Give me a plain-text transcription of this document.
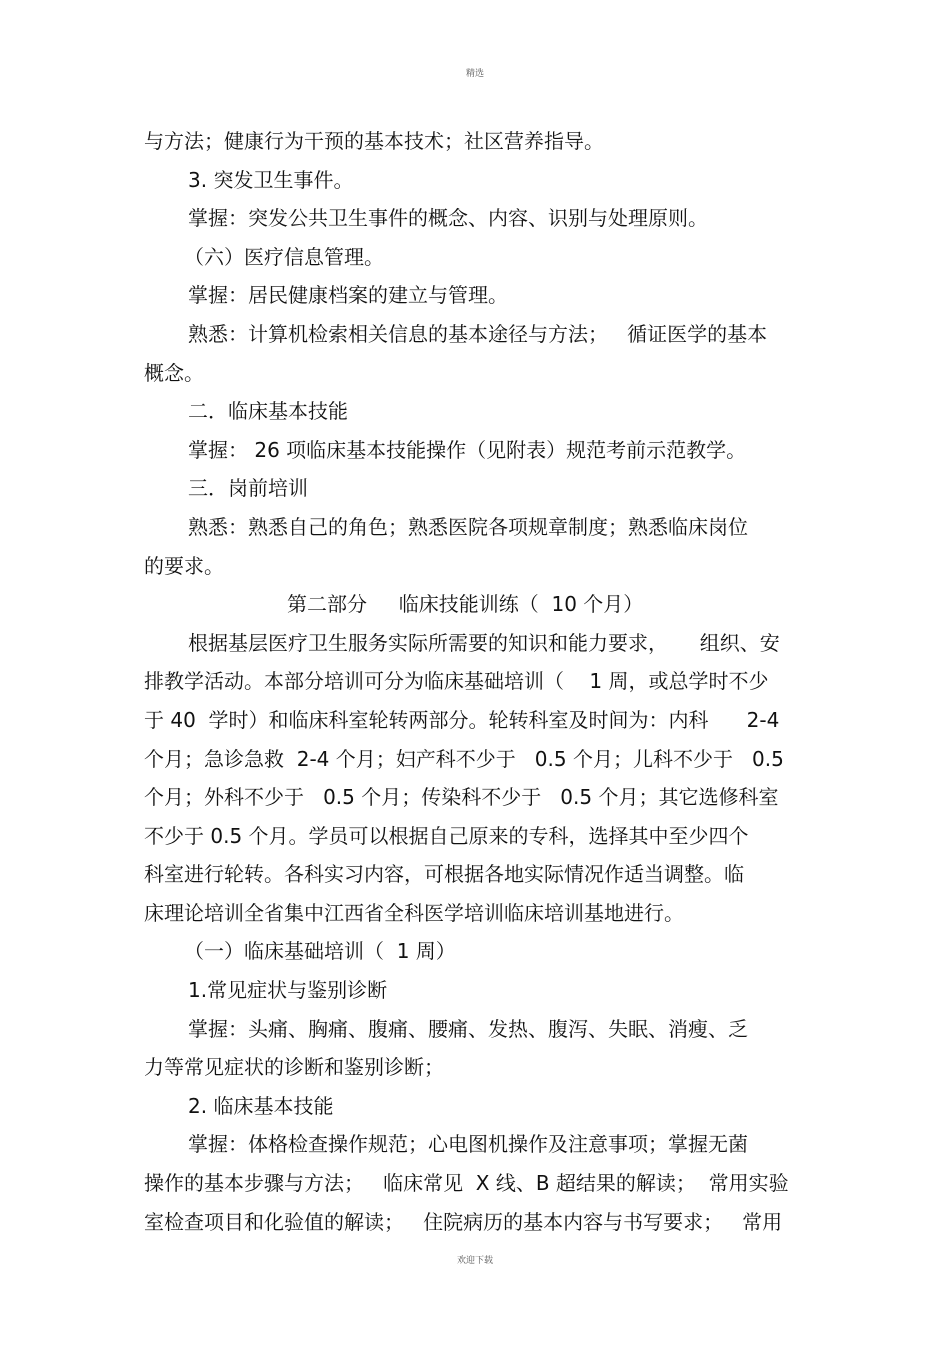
精选
与方法；健康行为干预的基本技术；社区营养指导。
3. 突发卫生事件。
掌握：突发公共卫生事件的概念、内容、识别与处理原则。
（六）医疗信息管理。
掌握：居民健康档案的建立与管理。
熟悉：计算机检索相关信息的基本途径与方法；   循证医学的基本
概念。
二．临床基本技能
掌握： 26 项临床基本技能操作（见附表）规范考前示范教学。
三．岗前培训
熟悉：熟悉自己的角色；熟悉医院各项规章制度；熟悉临床岗位
的要求。
第二部分     临床技能训练（  10 个月）
根据基层医疗卫生服务实际所需要的知识和能力要求，     组织、安
排教学活动。本部分培训可分为临床基础培训（    1 周，或总学时不少
于 40  学时）和临床科室轮转两部分。轮转科室及时间为：内科      2-4
个月；急诊急救  2-4 个月；妇产科不少于   0.5 个月；儿科不少于   0.5
个月；外科不少于   0.5 个月；传染科不少于   0.5 个月；其它选修科室
不少于 0.5 个月。学员可以根据自己原来的专科，选择其中至少四个
科室进行轮转。各科实习内容，可根据各地实际情况作适当调整。临
床理论培训全省集中江西省全科医学培训临床培训基地进行。
（一）临床基础培训（  1 周）
1.常见症状与鉴别诊断
掌握：头痛、胸痛、腹痛、腰痛、发热、腹泻、失眠、消瘦、乏
力等常见症状的诊断和鉴别诊断；
2. 临床基本技能
掌握：体格检查操作规范；心电图机操作及注意事项；掌握无菌
操作的基本步骤与方法；   临床常见  X 线、B 超结果的解读；  常用实验
室检查项目和化验值的解读；   住院病历的基本内容与书写要求；   常用
欢迎下载
